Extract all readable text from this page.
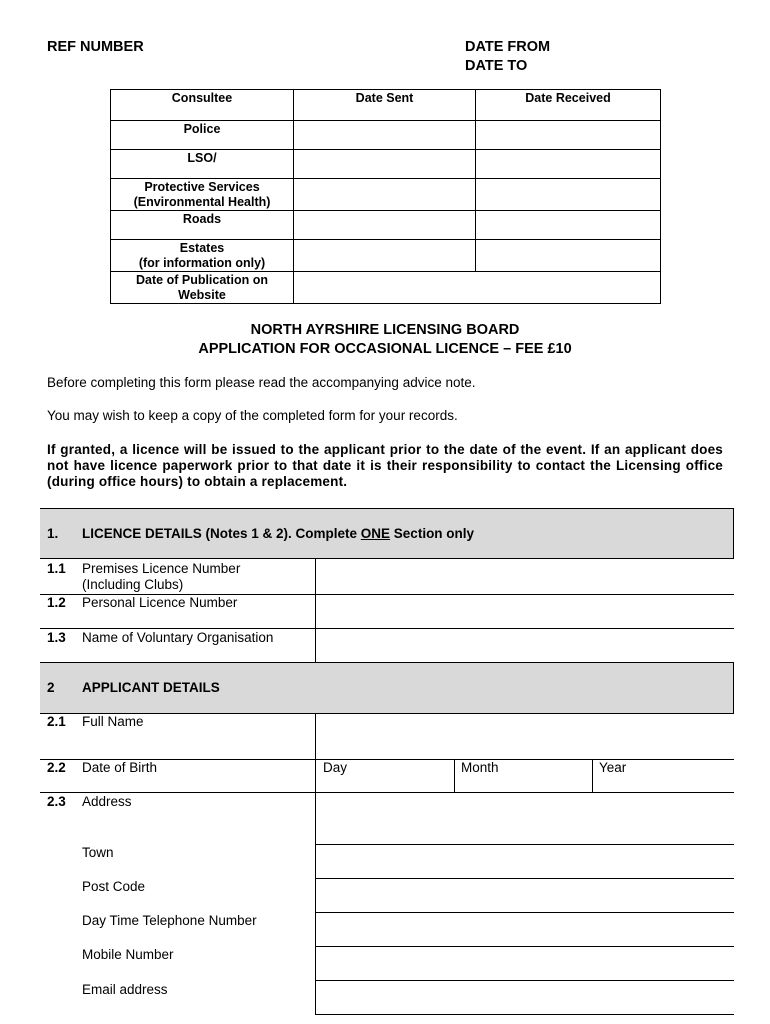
REF NUMBER	DATE FROM
DATE TO
Consultee	Date Sent	Date Received
Police		
LSO/		
Protective Services
(Environmental Health)		
Roads		
Estates
(for information only)		
Date of Publication on
Website		
NORTH AYRSHIRE LICENSING BOARD
APPLICATION FOR OCCASIONAL LICENCE – FEE £10
Before completing this form please read the accompanying advice note.
You may wish to keep a copy of the completed form for your records.
If granted, a licence will be issued to the applicant prior to the date of the event. If an applicant does not have licence paperwork prior to that date it is their responsibility to contact the Licensing office (during office hours) to obtain a replacement.
1. LICENCE DETAILS (Notes 1 & 2). Complete ONE Section only
1.1 Premises Licence Number
(Including Clubs)
1.2 Personal Licence Number
1.3 Name of Voluntary Organisation
2 APPLICANT DETAILS
2.1 Full Name
2.2 Date of Birth	Day	Month	Year
2.3 Address
Town
Post Code
Day Time Telephone Number
Mobile Number
Email address
